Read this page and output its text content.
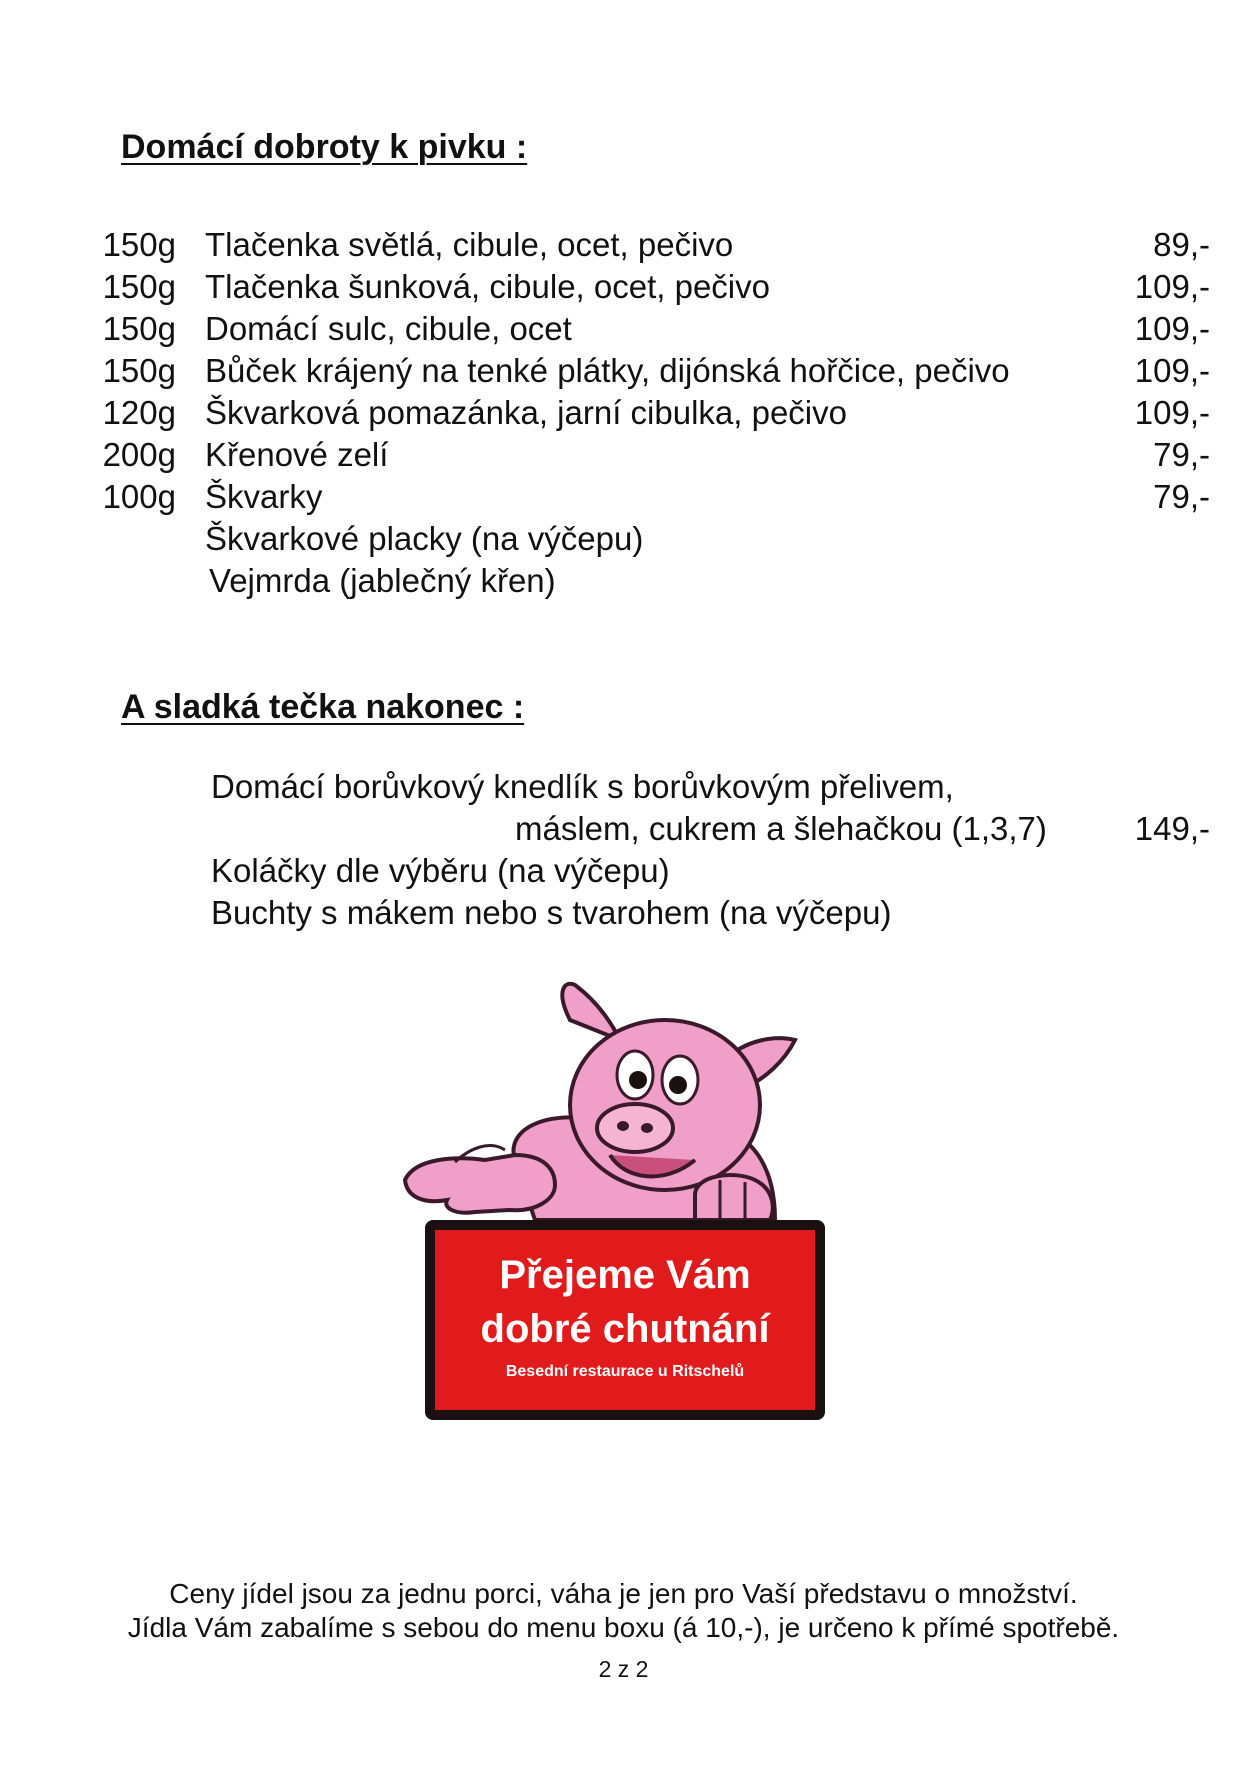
Domácí dobroty k pivku :
150g Tlačenka světlá, cibule, ocet, pečivo	89,-
150g Tlačenka šunková, cibule, ocet, pečivo	109,-
150g Domácí sulc, cibule, ocet	109,-
150g Bůček krájený na tenké plátky, dijónská hořčice, pečivo	109,-
120g Škvarková pomazánka, jarní cibulka, pečivo	109,-
200g Křenové zelí	79,-
100g Škvarky	79,-
Škvarkové placky (na výčepu)
Vejmrda (jablečný křen)
A sladká tečka nakonec :
Domácí borůvkový knedlík s borůvkovým přelivem,
máslem, cukrem a šlehačkou (1,3,7)	149,-
Koláčky dle výběru (na výčepu)
Buchty s mákem nebo s tvarohem (na výčepu)
Přejeme Vám
dobré chutnání
Besední restaurace u Ritschelů
Ceny jídel jsou za jednu porci, váha je jen pro Vaší představu o množství.
Jídla Vám zabalíme s sebou do menu boxu (á 10,-), je určeno k přímé spotřebě.
2 z 2
